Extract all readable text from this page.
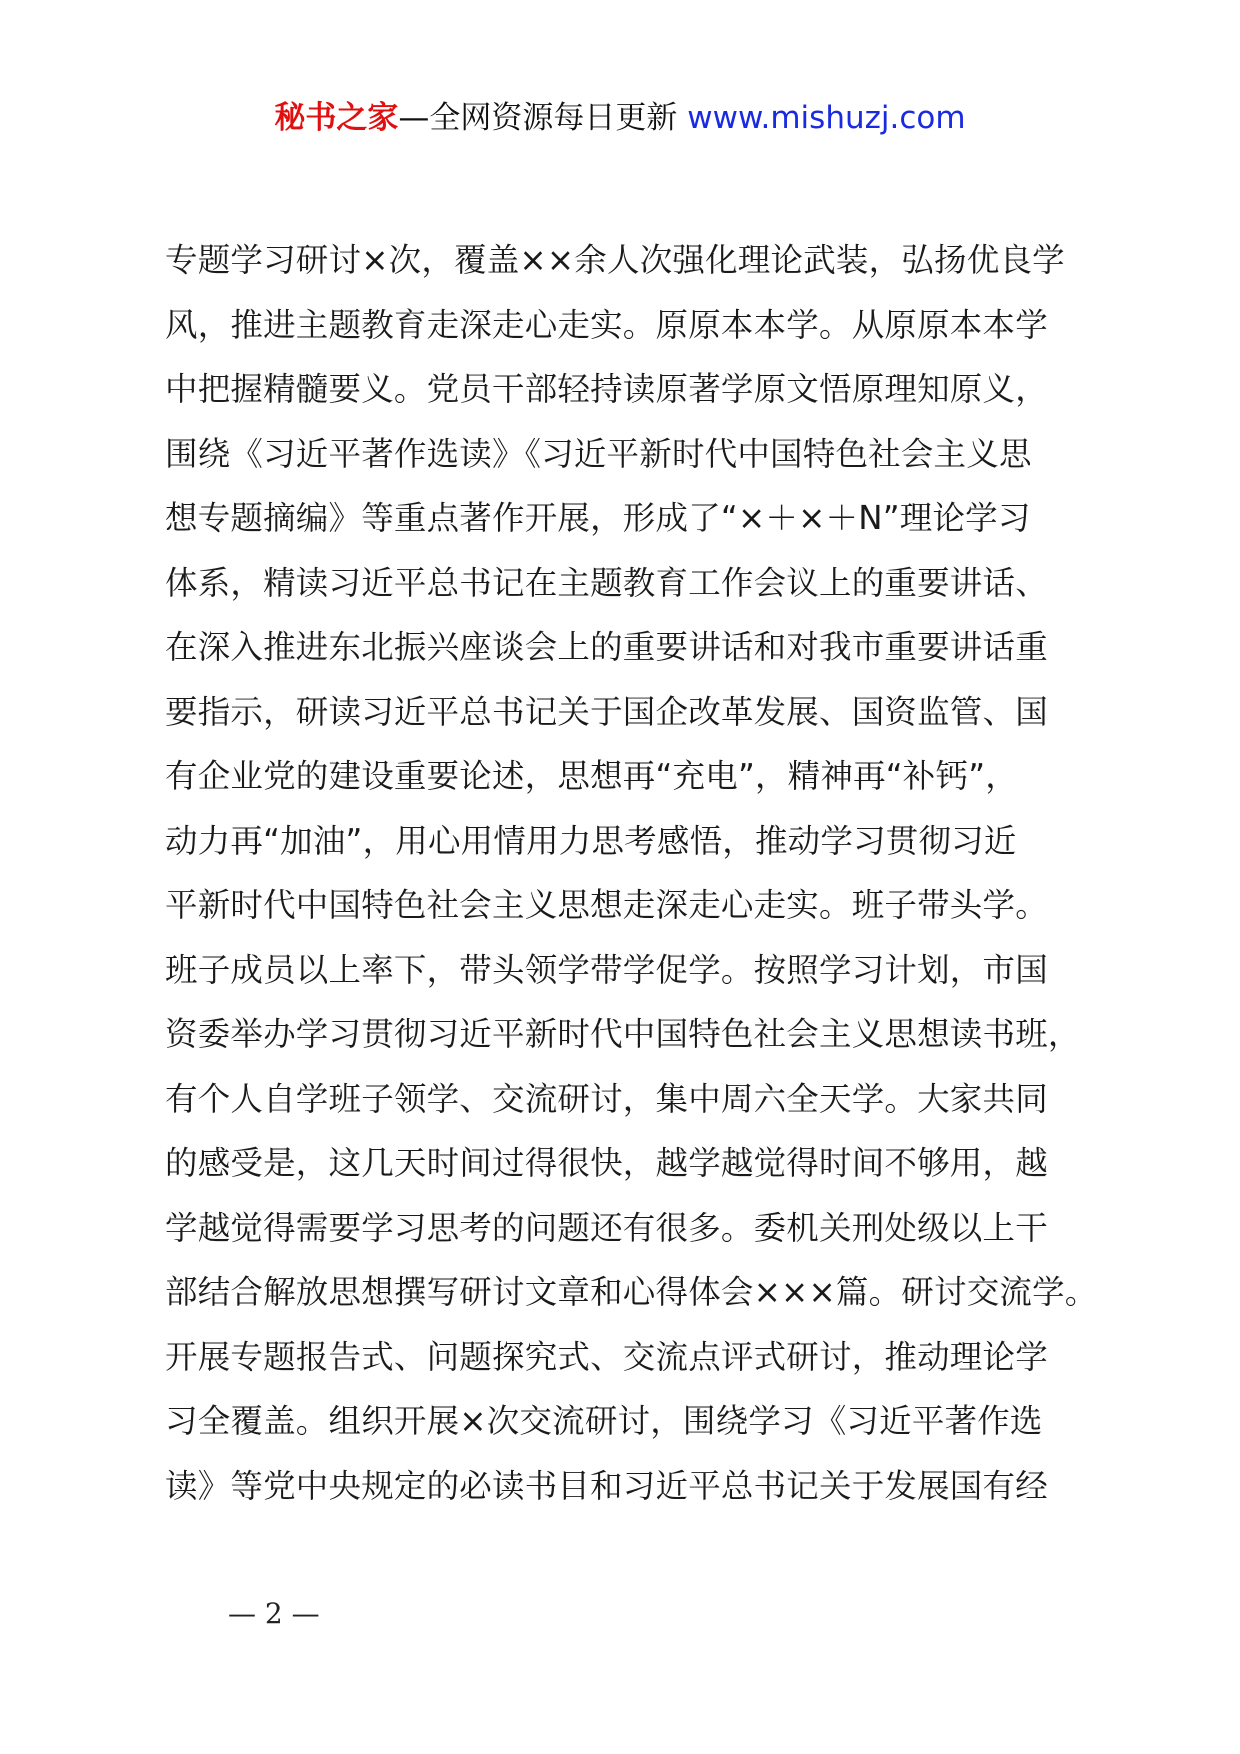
秘书之家—全网资源每日更新 www.mishuzj.com
专题学习研讨×次，覆盖××余人次强化理论武装，弘扬优良学
风，推进主题教育走深走心走实。原原本本学。从原原本本学
中把握精髓要义。党员干部轻持读原著学原文悟原理知原义，
围绕《习近平著作选读》《习近平新时代中国特色社会主义思
想专题摘编》等重点著作开展，形成了“×＋×＋N”理论学习
体系，精读习近平总书记在主题教育工作会议上的重要讲话、
在深入推进东北振兴座谈会上的重要讲话和对我市重要讲话重
要指示，研读习近平总书记关于国企改革发展、国资监管、国
有企业党的建设重要论述，思想再“充电”，精神再“补钙”，
动力再“加油”，用心用情用力思考感悟，推动学习贯彻习近
平新时代中国特色社会主义思想走深走心走实。班子带头学。
班子成员以上率下，带头领学带学促学。按照学习计划，市国
资委举办学习贯彻习近平新时代中国特色社会主义思想读书班，
有个人自学班子领学、交流研讨，集中周六全天学。大家共同
的感受是，这几天时间过得很快，越学越觉得时间不够用，越
学越觉得需要学习思考的问题还有很多。委机关刑处级以上干
部结合解放思想撰写研讨文章和心得体会×××篇。研讨交流学。
开展专题报告式、问题探究式、交流点评式研讨，推动理论学
习全覆盖。组织开展×次交流研讨，围绕学习《习近平著作选
读》等党中央规定的必读书目和习近平总书记关于发展国有经
— 2 —
